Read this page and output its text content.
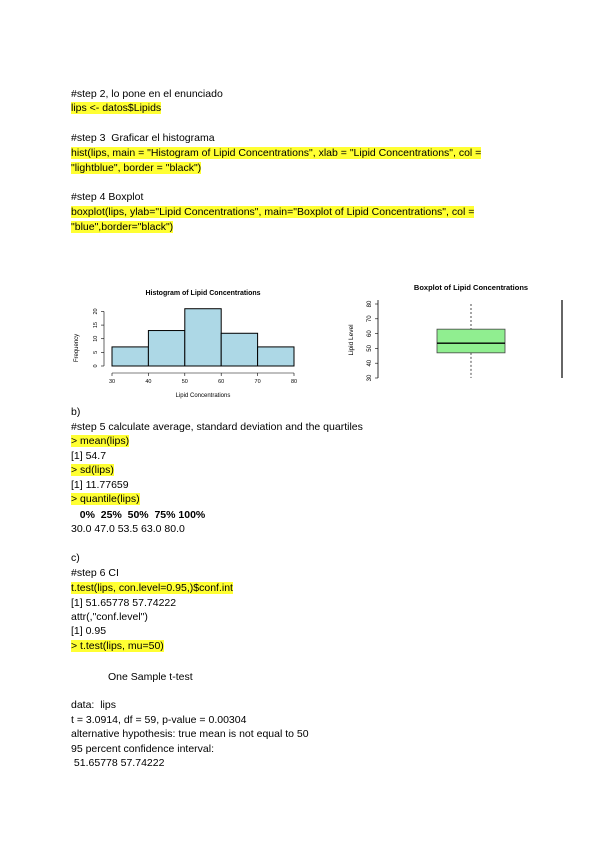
#step 2, lo pone en el enunciado
lips <- datos$Lipids
#step 3  Graficar el histograma
hist(lips, main = "Histogram of Lipid Concentrations", xlab = "Lipid Concentrations", col =
"lightblue", border = "black")
#step 4 Boxplot
boxplot(lips, ylab="Lipid Concentrations", main="Boxplot of Lipid Concentrations", col =
"blue",border="black")
Histogram of Lipid Concentrations
Frequency
Lipid Concentrations
30	40	50	60	70	80
0
5
10
15
20
Boxplot of Lipid Concentrations
Lipid Level
30
40
50
60
70
80
b)
#step 5 calculate average, standard deviation and the quartiles
> mean(lips)
[1] 54.7
> sd(lips)
[1] 11.77659
> quantile(lips)
0%  25%  50%  75% 100%
30.0 47.0 53.5 63.0 80.0
c)
#step 6 CI
t.test(lips, con.level=0.95,)$conf.int
[1] 51.65778 57.74222
attr(,"conf.level")
[1] 0.95
> t.test(lips, mu=50)
One Sample t-test
data:  lips
t = 3.0914, df = 59, p-value = 0.00304
alternative hypothesis: true mean is not equal to 50
95 percent confidence interval:
51.65778 57.74222
